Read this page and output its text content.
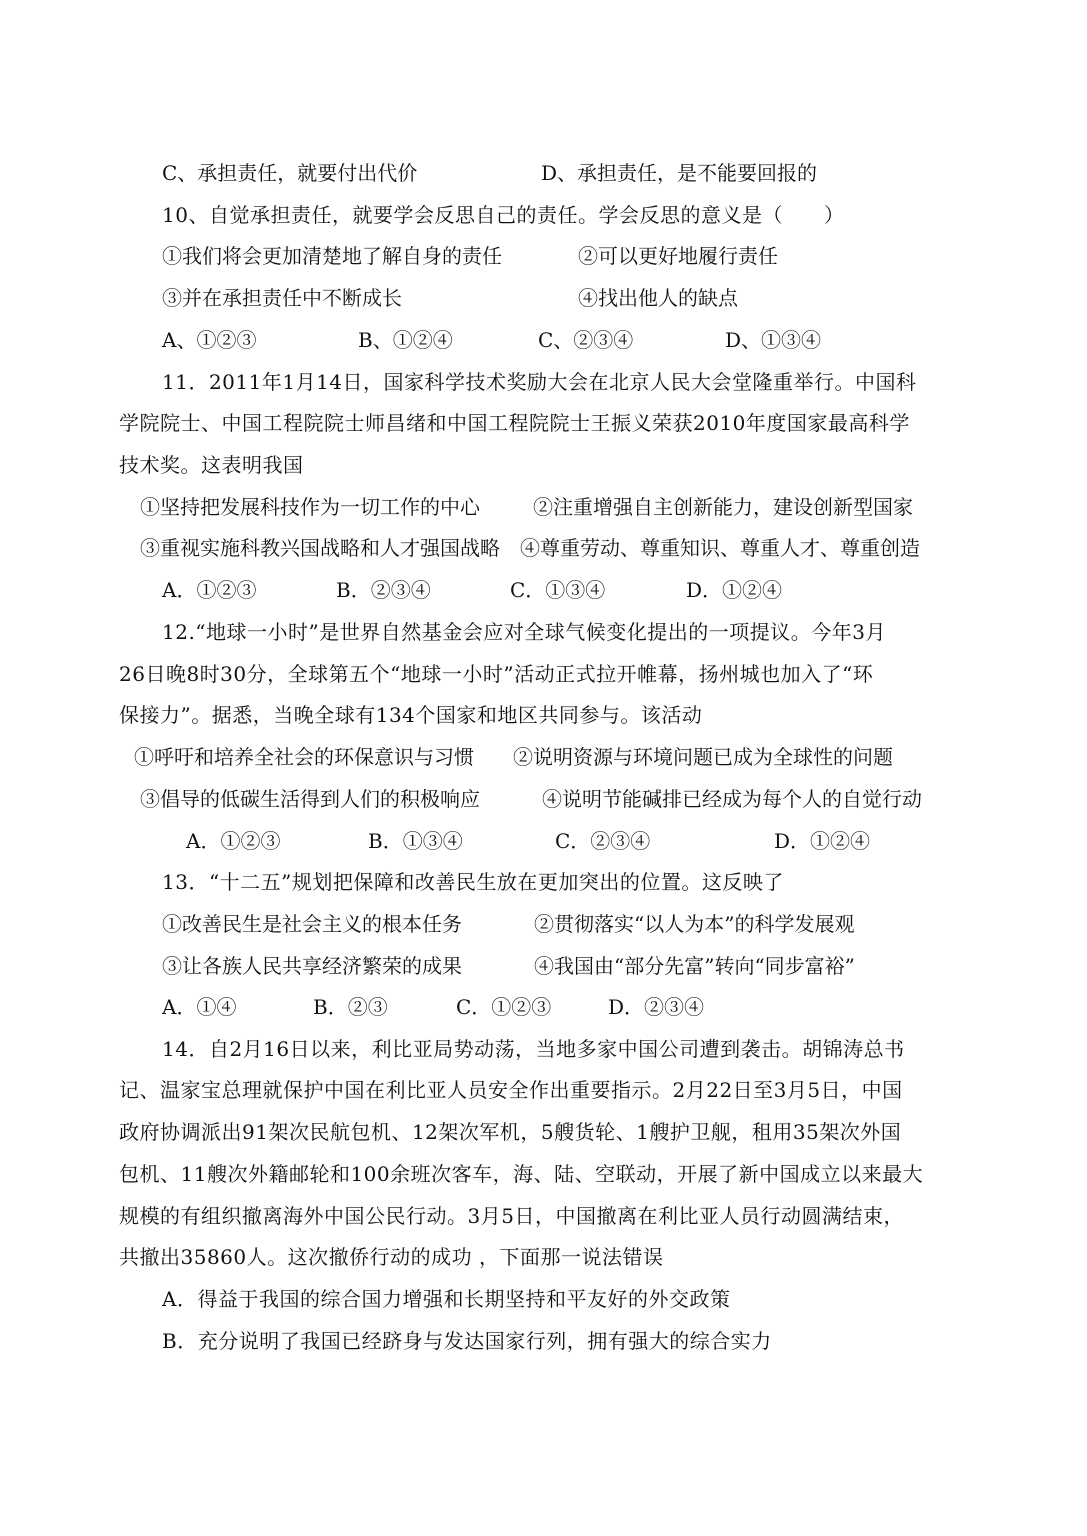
C、承担责任，就要付出代价

	D、承担责任，是不能要回报的

10、自觉承担责任，就要学会反思自己的责任。学会反思的意义是（　　）

①我们将会更加清楚地了解自身的责任

	②可以更好地履行责任

③并在承担责任中不断成长

	④找出他人的缺点

A、①②③

	B、①②④

	C、②③④

	D、①③④

11．2011年1月14日，国家科学技术奖励大会在北京人民大会堂隆重举行。中国科
学院院士、中国工程院院士师昌绪和中国工程院院士王振义荣获2010年度国家最高科学
技术奖。这表明我国

①坚持把发展科技作为一切工作的中心

	②注重增强自主创新能力，建设创新型国家

③重视实施科教兴国战略和人才强国战略

④尊重劳动、尊重知识、尊重人才、尊重创造

A．①②③

	B．②③④

	C．①③④

	D．①②④

12.“地球一小时”是世界自然基金会应对全球气候变化提出的一项提议。今年3月
26日晚8时30分，全球第五个“地球一小时”活动正式拉开帷幕，扬州城也加入了“环
保接力”。据悉，当晚全球有134个国家和地区共同参与。该活动

①呼吁和培养全社会的环保意识与习惯

②说明资源与环境问题已成为全球性的问题

③倡导的低碳生活得到人们的积极响应

	④说明节能碱排已经成为每个人的自觉行动

A．①②③

	B．①③④

	C．②③④

	D．①②④

13．“十二五”规划把保障和改善民生放在更加突出的位置。这反映了

①改善民生是社会主义的根本任务

	②贯彻落实“以人为本”的科学发展观

③让各族人民共享经济繁荣的成果

	④我国由“部分先富”转向“同步富裕”

A．①④

	B．②③

	C．①②③

	D．②③④

14．自2月16日以来，利比亚局势动荡，当地多家中国公司遭到袭击。胡锦涛总书
记、温家宝总理就保护中国在利比亚人员安全作出重要指示。2月22日至3月5日，中国
政府协调派出91架次民航包机、12架次军机，5艘货轮、1艘护卫舰，租用35架次外国
包机、11艘次外籍邮轮和100余班次客车，海、陆、空联动，开展了新中国成立以来最大
规模的有组织撤离海外中国公民行动。3月5日，中国撤离在利比亚人员行动圆满结束，
共撤出35860人。这次撤侨行动的成功 ，下面那一说法错误
A．得益于我国的综合国力增强和长期坚持和平友好的外交政策
B．充分说明了我国已经跻身与发达国家行列，拥有强大的综合实力
